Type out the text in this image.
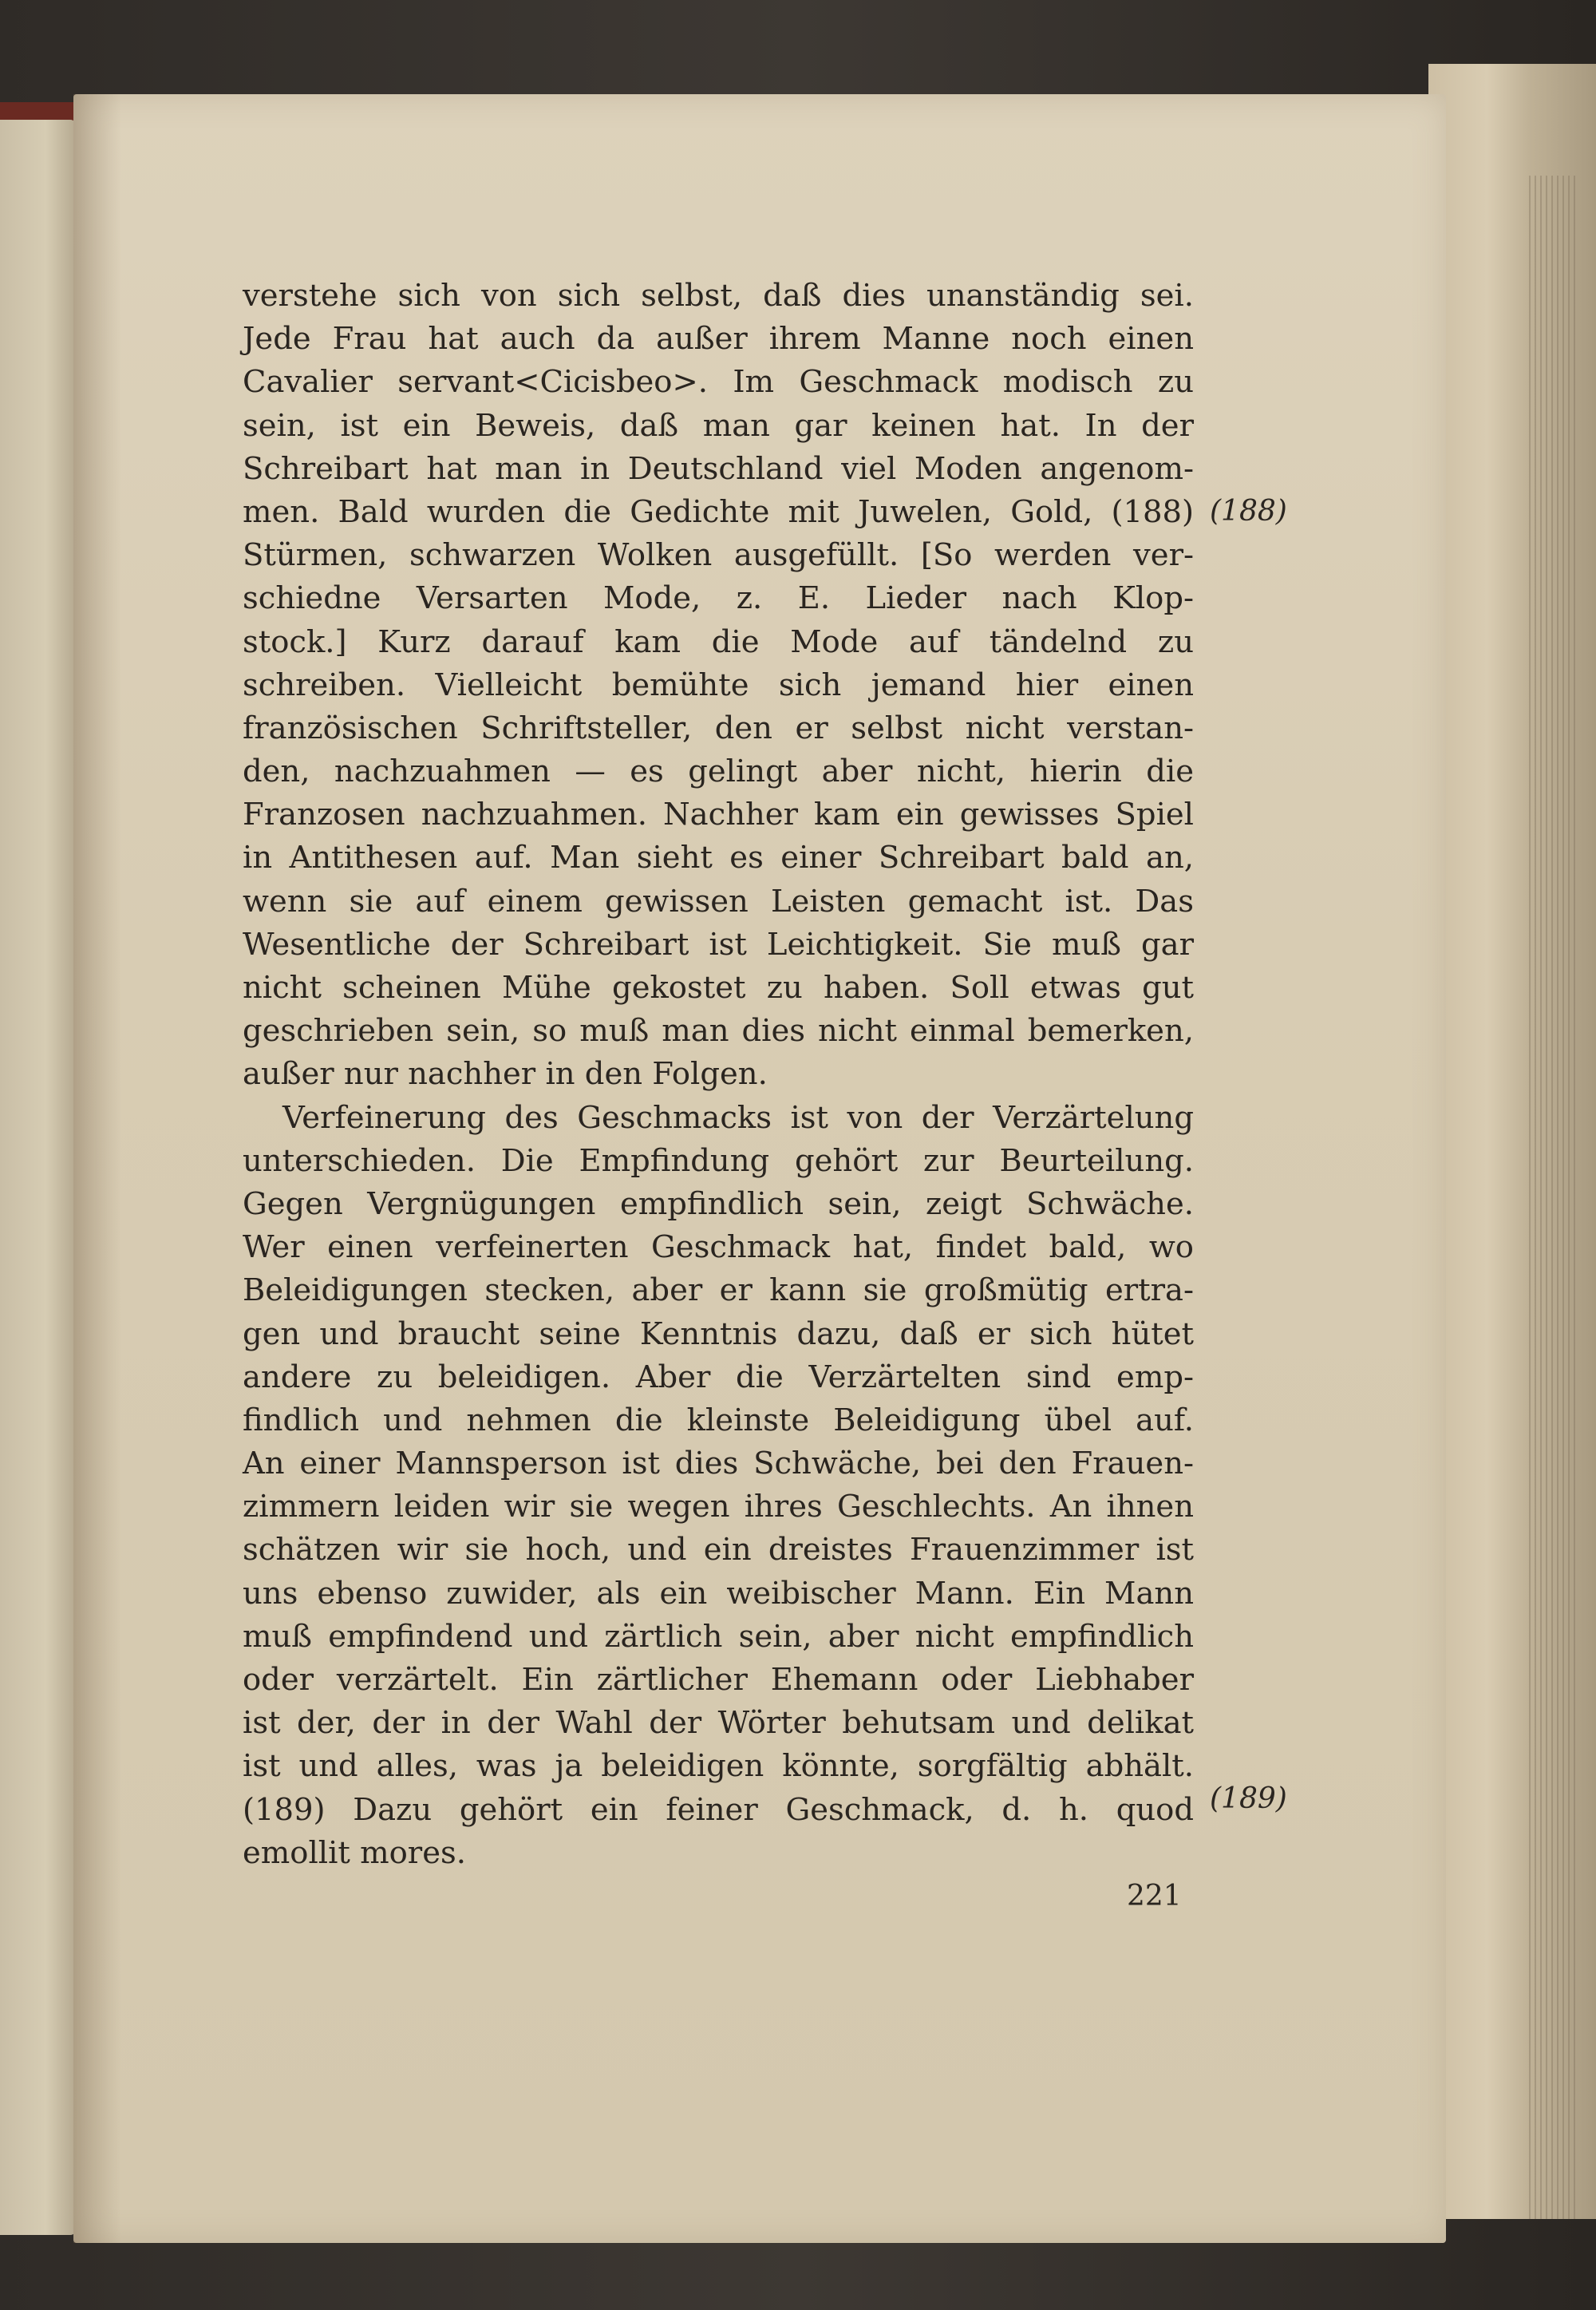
verstehe sich von sich selbst, daß dies unanständig sei.
Jede Frau hat auch da außer ihrem Manne noch einen
Cavalier servant<Cicisbeo>. Im Geschmack modisch zu
sein, ist ein Beweis, daß man gar keinen hat. In der
Schreibart hat man in Deutschland viel Moden angenom-
men. Bald wurden die Gedichte mit Juwelen, Gold, (188)
Stürmen, schwarzen Wolken ausgefüllt. [So werden ver-
schiedne Versarten Mode, z. E. Lieder nach Klop-
stock.] Kurz darauf kam die Mode auf tändelnd zu
schreiben. Vielleicht bemühte sich jemand hier einen
französischen Schriftsteller, den er selbst nicht verstan-
den, nachzuahmen — es gelingt aber nicht, hierin die
Franzosen nachzuahmen. Nachher kam ein gewisses Spiel
in Antithesen auf. Man sieht es einer Schreibart bald an,
wenn sie auf einem gewissen Leisten gemacht ist. Das
Wesentliche der Schreibart ist Leichtigkeit. Sie muß gar
nicht scheinen Mühe gekostet zu haben. Soll etwas gut
geschrieben sein, so muß man dies nicht einmal bemerken,
außer nur nachher in den Folgen.
Verfeinerung des Geschmacks ist von der Verzärtelung
unterschieden. Die Empfindung gehört zur Beurteilung.
Gegen Vergnügungen empfindlich sein, zeigt Schwäche.
Wer einen verfeinerten Geschmack hat, findet bald, wo
Beleidigungen stecken, aber er kann sie großmütig ertra-
gen und braucht seine Kenntnis dazu, daß er sich hütet
andere zu beleidigen. Aber die Verzärtelten sind emp-
findlich und nehmen die kleinste Beleidigung übel auf.
An einer Mannsperson ist dies Schwäche, bei den Frauen-
zimmern leiden wir sie wegen ihres Geschlechts. An ihnen
schätzen wir sie hoch, und ein dreistes Frauenzimmer ist
uns ebenso zuwider, als ein weibischer Mann. Ein Mann
muß empfindend und zärtlich sein, aber nicht empfindlich
oder verzärtelt. Ein zärtlicher Ehemann oder Liebhaber
ist der, der in der Wahl der Wörter behutsam und delikat
ist und alles, was ja beleidigen könnte, sorgfältig abhält.
(189) Dazu gehört ein feiner Geschmack, d. h. quod
emollit mores.
(188)
(189)
221
